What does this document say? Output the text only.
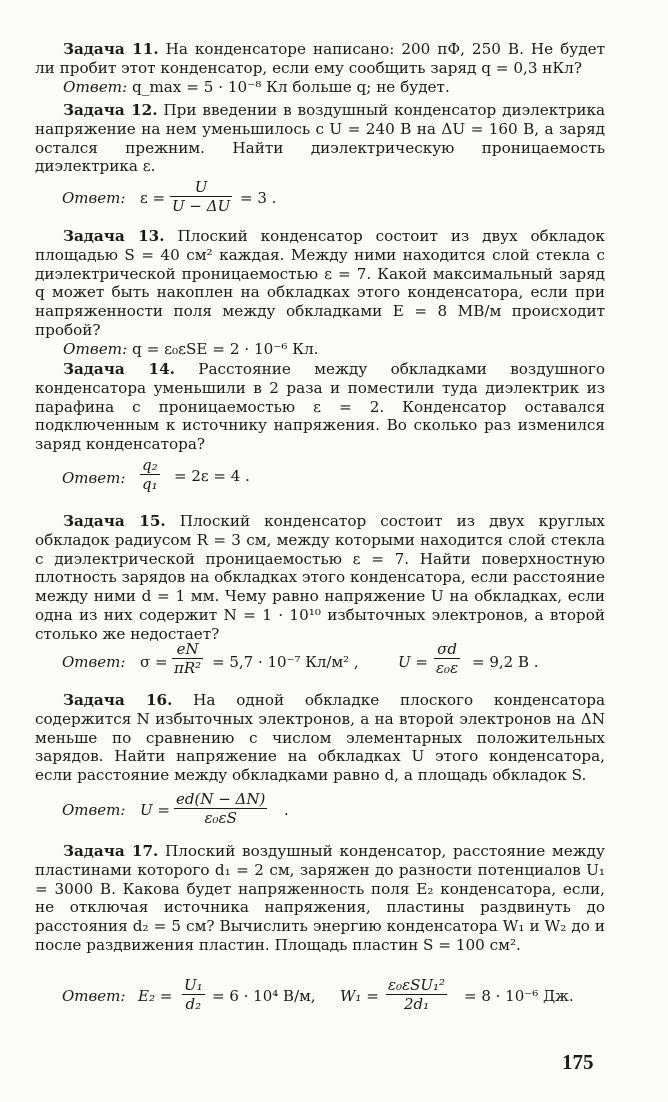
Задача 11. На конденсаторе написано: 200 пФ, 250 В. Не будет ли пробит этот конденсатор, если ему сообщить заряд q = 0,3 нКл?

Ответ: q_max = 5 · 10⁻⁸ Кл больше q; не будет.

Задача 12. При введении в воздушный конденсатор диэлектрика напряжение на нем уменьшилось с U = 240 В на ΔU = 160 В, а заряд остался прежним. Найти диэлектрическую проницаемость диэлектрика ε.

Ответ: $\varepsilon = \frac{U}{U - \Delta U} = 3$ .

Задача 13. Плоский конденсатор состоит из двух обкладок площадью S = 40 см² каждая. Между ними находится слой стекла с диэлектрической проницаемостью ε = 7. Какой максимальный заряд q может быть накоплен на обкладках этого конденсатора, если при напряженности поля между обкладками E = 8 МВ/м происходит пробой?

Ответ: q = ε₀εSE = 2 · 10⁻⁶ Кл.

Задача 14. Расстояние между обкладками воздушного конденсатора уменьшили в 2 раза и поместили туда диэлектрик из парафина с проницаемостью ε = 2. Конденсатор оставался подключенным к источнику напряжения. Во сколько раз изменился заряд конденсатора?

Ответ: $\frac{\text{q₂}}{\text{q₁}} = 2\varepsilon = 4$ .

Задача 15. Плоский конденсатор состоит из двух круглых обкладок радиусом R = 3 см, между которыми находится слой стекла с диэлектрической проницаемостью ε = 7. Найти поверхностную плотность зарядов на обкладках этого конденсатора, если расстояние между ними d = 1 мм. Чему равно напряжение U на обкладках, если одна из них содержит N = 1 · 10¹⁰ избыточных электронов, а второй столько же недостает?

Ответ: $\sigma = \frac{eN}{\text{πR²}} = 5,7 \cdot 10^{-7}$ Кл/м² ,	$U = \frac{\sigma d}{\text{ε₀ε}} = 9,2$ В .

Задача 16. На одной обкладке плоского конденсатора содержится N избыточных электронов, а на второй электронов на ΔN меньше по сравнению с числом элементарных положительных зарядов. Найти напряжение на обкладках U этого конденсатора, если расстояние между обкладками равно d, а площадь обкладок S.

Ответ: $U = \frac{ed(N - \Delta N)}{\text{ε₀εS}}$ .

Задача 17. Плоский воздушный конденсатор, расстояние между пластинами которого d₁ = 2 см, заряжен до разности потенциалов U₁ = 3000 В. Какова будет напряженность поля E₂ конденсатора, если, не отключая источника напряжения, пластины раздвинуть до расстояния d₂ = 5 см? Вычислить энергию конденсатора W₁ и W₂ до и после раздвижения пластин. Площадь пластин S = 100 см².

Ответ: $E_2 = \frac{\text{U₁}}{\text{d₂}} = 6 \cdot 10^4$ В/м, W₁ =
ε₀εSU₁²
2d₁	= 8 · 10⁻⁶ Дж.
175
